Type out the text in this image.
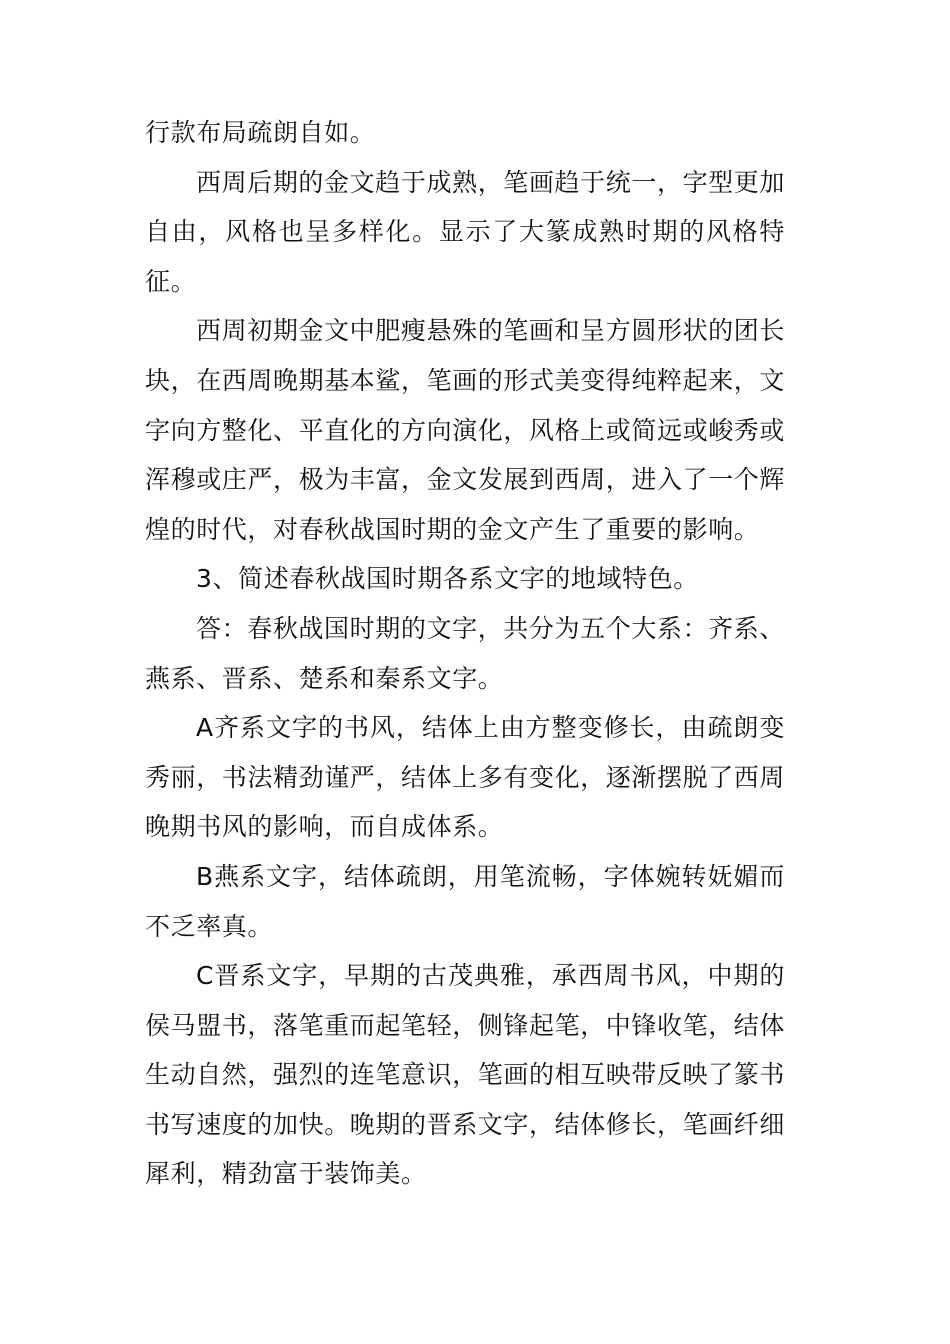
行款布局疏朗自如。

西周后期的金文趋于成熟，笔画趋于统一，字型更加自由，风格也呈多样化。显示了大篆成熟时期的风格特征。

西周初期金文中肥瘦悬殊的笔画和呈方圆形状的团长块，在西周晚期基本鲨，笔画的形式美变得纯粹起来，文字向方整化、平直化的方向演化，风格上或简远或峻秀或浑穆或庄严，极为丰富，金文发展到西周，进入了一个辉煌的时代，对春秋战国时期的金文产生了重要的影响。

3、简述春秋战国时期各系文字的地域特色。

答：春秋战国时期的文字，共分为五个大系：齐系、燕系、晋系、楚系和秦系文字。

A齐系文字的书风，结体上由方整变修长，由疏朗变秀丽，书法精劲谨严，结体上多有变化，逐渐摆脱了西周晚期书风的影响，而自成体系。

B燕系文字，结体疏朗，用笔流畅，字体婉转妩媚而不乏率真。

C晋系文字，早期的古茂典雅，承西周书风，中期的侯马盟书，落笔重而起笔轻，侧锋起笔，中锋收笔，结体生动自然，强烈的连笔意识，笔画的相互映带反映了篆书书写速度的加快。晚期的晋系文字，结体修长，笔画纤细犀利，精劲富于装饰美。
